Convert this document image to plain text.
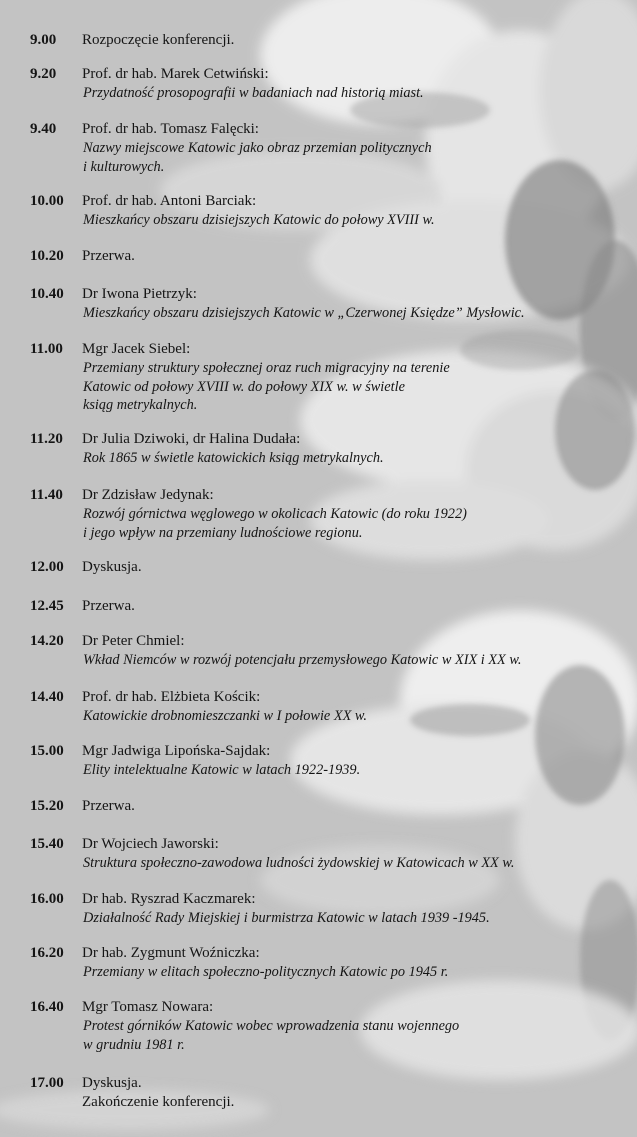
9.00 Rozpoczęcie konferencji.
9.20 Prof. dr hab. Marek Cetwiński:
Przydatność prosopografii w badaniach nad historią miast.
9.40 Prof. dr hab. Tomasz Falęcki:
Nazwy miejscowe Katowic jako obraz przemian politycznych
i kulturowych.
10.00 Prof. dr hab. Antoni Barciak:
Mieszkańcy obszaru dzisiejszych Katowic do połowy XVIII w.
10.20 Przerwa.
10.40 Dr Iwona Pietrzyk:
Mieszkańcy obszaru dzisiejszych Katowic w „Czerwonej Księdze” Mysłowic.
11.00 Mgr Jacek Siebel:
Przemiany struktury społecznej oraz ruch migracyjny na terenie
Katowic od połowy XVIII w. do połowy XIX w. w świetle
ksiąg metrykalnych.
11.20 Dr Julia Dziwoki, dr Halina Dudała:
Rok 1865 w świetle katowickich ksiąg metrykalnych.
11.40 Dr Zdzisław Jedynak:
Rozwój górnictwa węglowego w okolicach Katowic (do roku 1922)
i jego wpływ na przemiany ludnościowe regionu.
12.00 Dyskusja.
12.45 Przerwa.
14.20 Dr Peter Chmiel:
Wkład Niemców w rozwój potencjału przemysłowego Katowic w XIX i XX w.
14.40 Prof. dr hab. Elżbieta Kościk:
Katowickie drobnomieszczanki w I połowie XX w.
15.00 Mgr Jadwiga Lipońska-Sajdak:
Elity intelektualne Katowic w latach 1922-1939.
15.20 Przerwa.
15.40 Dr Wojciech Jaworski:
Struktura społeczno-zawodowa ludności żydowskiej w Katowicach w XX w.
16.00 Dr hab. Ryszrad Kaczmarek:
Działalność Rady Miejskiej i burmistrza Katowic w latach 1939 -1945.
16.20 Dr hab. Zygmunt Woźniczka:
Przemiany w elitach społeczno-politycznych Katowic po 1945 r.
16.40 Mgr Tomasz Nowara:
Protest górników Katowic wobec wprowadzenia stanu wojennego
w grudniu 1981 r.
17.00 Dyskusja.
Zakończenie konferencji.
